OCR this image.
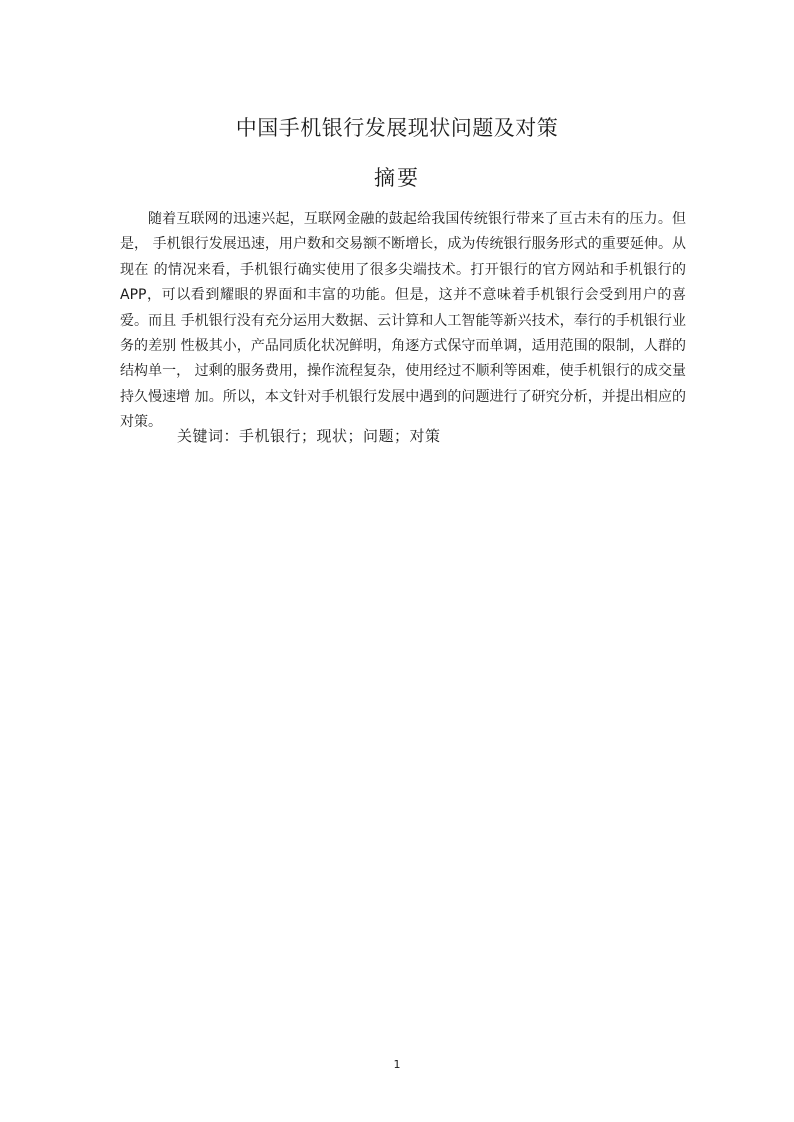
中国手机银行发展现状问题及对策
摘要

随着互联网的迅速兴起，互联网金融的鼓起给我国传统银行带来了亘古未有的压力。但是， 手机银行发展迅速，用户数和交易额不断增长，成为传统银行服务形式的重要延伸。从现在 的情况来看，手机银行确实使用了很多尖端技术。打开银行的官方网站和手机银行的 APP，可以看到耀眼的界面和丰富的功能。但是，这并不意味着手机银行会受到用户的喜爱。而且 手机银行没有充分运用大数据、云计算和人工智能等新兴技术，奉行的手机银行业务的差别 性极其小，产品同质化状况鲜明，角逐方式保守而单调，适用范围的限制，人群的结构单一， 过剩的服务费用，操作流程复杂，使用经过不顺利等困难，使手机银行的成交量持久慢速增 加。所以，本文针对手机银行发展中遇到的问题进行了研究分析，并提出相应的对策。

关键词：手机银行；现状；问题；对策
1
